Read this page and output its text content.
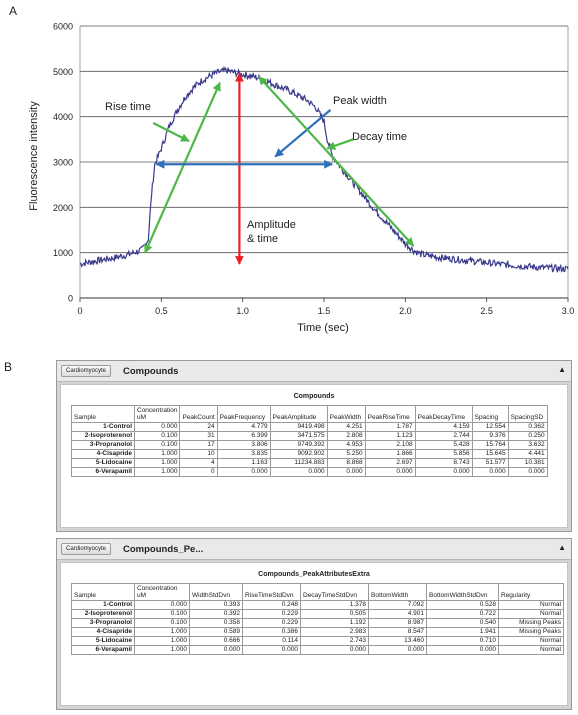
A
B
0
1000
2000
3000
4000
5000
6000
0	0.5	1.0	1.5	2.0	2.5	3.0
Rise time
Amplitude & time
Peak width
Decay time
Time (sec)
Fluorescence intensity
Cardiomyocyte	Compounds	▲
Compounds
Sample	Concentration uM	PeakCount	PeakFrequency	PeakAmplitude	PeakWidth	PeakRiseTime	PeakDecayTime	Spacing	SpacingSD
1-Control	0.000	24	4.779	9419.498	4.251	1.787	4.159	12.554	0.362
2-Isoproterenol	0.100	31	6.399	3471.575	2.808	1.123	2.744	9.376	0.250
3-Propranolol	0.100	17	3.806	9749.392	4.953	2.108	5.428	15.764	3.632
4-Cisapride	1.000	10	3.835	9092.902	5.250	1.866	5.856	15.645	4.441
5-Lidocaine	1.000	4	1.163	11234.883	8.868	2.697	8.743	51.577	10.381
6-Verapamil	1.000	0	0.000	0.000	0.000	0.000	0.000	0.000	0.000
Cardiomyocyte	Compounds_Pe...	▲
Compounds_PeakAttributesExtra
Sample	Concentration uM	WidthStdDvn	RiseTimeStdDvn	DecayTimeStdDvn	BottomWidth	BottomWidthStdDvn	Regularity
1-Control	0.000	0.393	0.248	1.378	7.092	0.528	Normal
2-Isoproterenol	0.100	0.392	0.229	0.505	4.901	0.722	Normal
3-Propranolol	0.100	0.358	0.229	1.192	8.987	0.540	Missing Peaks
4-Cisapride	1.000	0.589	0.386	2.983	8.547	1.941	Missing Peaks
5-Lidocaine	1.000	0.666	0.114	2.743	13.460	0.710	Normal
6-Verapamil	1.000	0.000	0.000	0.000	0.000	0.000	Normal
